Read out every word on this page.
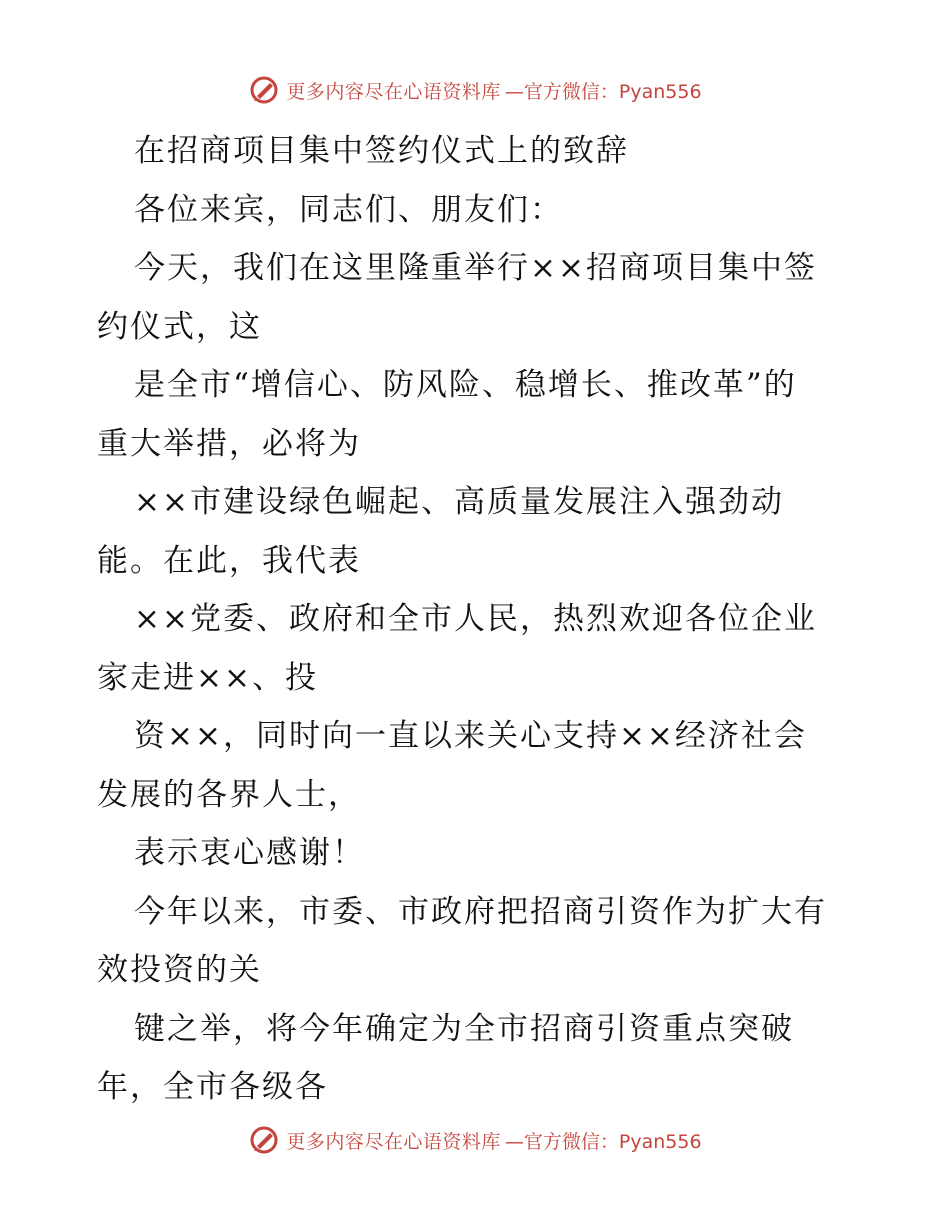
更多内容尽在心语资料库 —官方微信：Pyan556
在招商项目集中签约仪式上的致辞
各位来宾，同志们、朋友们：
今天，我们在这里隆重举行××招商项目集中签
约仪式，这
是全市“增信心、防风险、稳增长、推改革”的
重大举措，必将为
××市建设绿色崛起、高质量发展注入强劲动
能。在此，我代表
××党委、政府和全市人民，热烈欢迎各位企业
家走进××、投
资××，同时向一直以来关心支持××经济社会
发展的各界人士，
表示衷心感谢！
今年以来，市委、市政府把招商引资作为扩大有
效投资的关
键之举，将今年确定为全市招商引资重点突破
年，全市各级各
更多内容尽在心语资料库 —官方微信：Pyan556
